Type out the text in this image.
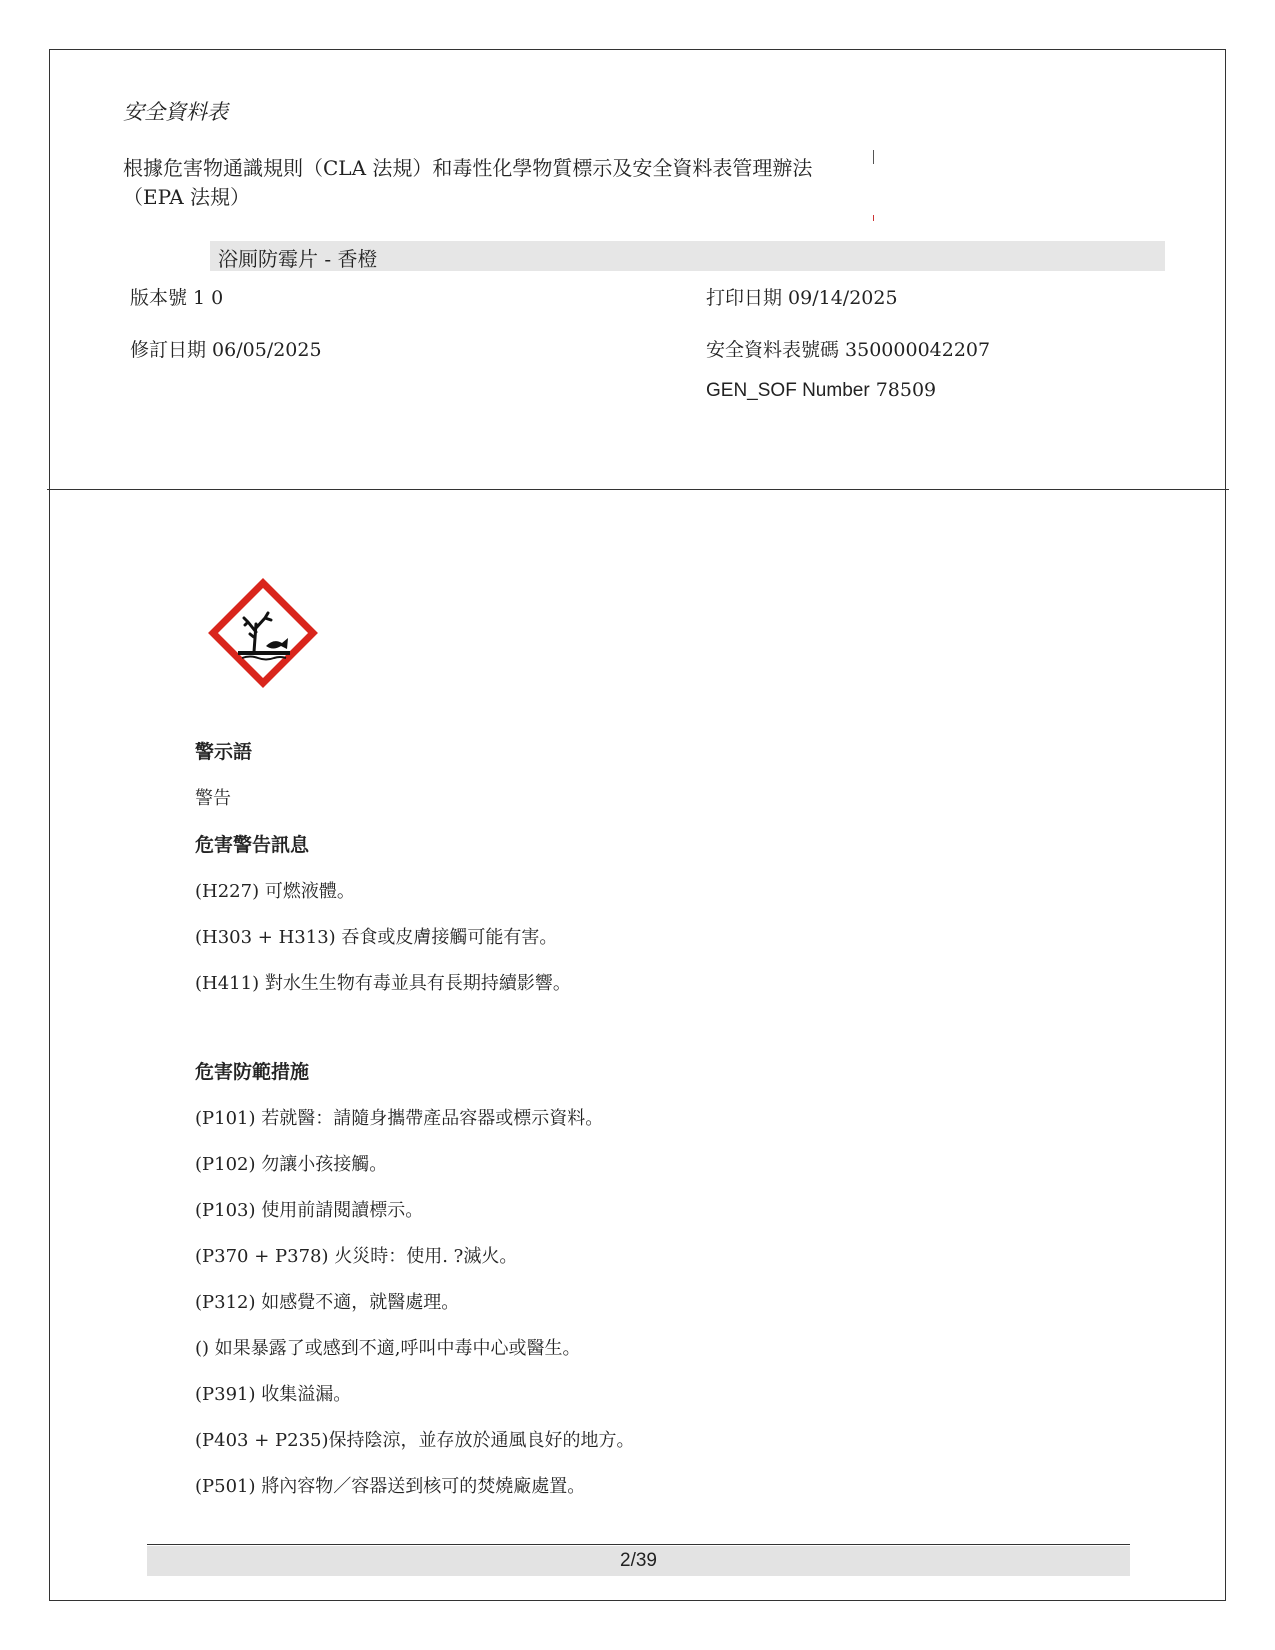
安全資料表
根據危害物通識規則（CLA 法規）和毒性化學物質標示及安全資料表管理辦法（EPA 法規）
浴厠防霉片 - 香橙
版本號 1 0	打印日期 09/14/2025
修訂日期 06/05/2025	安全資料表號碼 350000042207
GEN_SOF Number 78509
警示語
警告
危害警告訊息
(H227) 可燃液體。
(H303 + H313) 吞食或皮膚接觸可能有害。
(H411) 對水生生物有毒並具有長期持續影響。
危害防範措施
(P101) 若就醫：請隨身攜帶產品容器或標示資料。
(P102) 勿讓小孩接觸。
(P103) 使用前請閱讀標示。
(P370 + P378) 火災時：使用. ?滅火。
(P312) 如感覺不適，就醫處理。
() 如果暴露了或感到不適,呼叫中毒中心或醫生。
(P391) 收集溢漏。
(P403 + P235)保持陰涼，並存放於通風良好的地方。
(P501) 將內容物／容器送到核可的焚燒廠處置。
2/39
